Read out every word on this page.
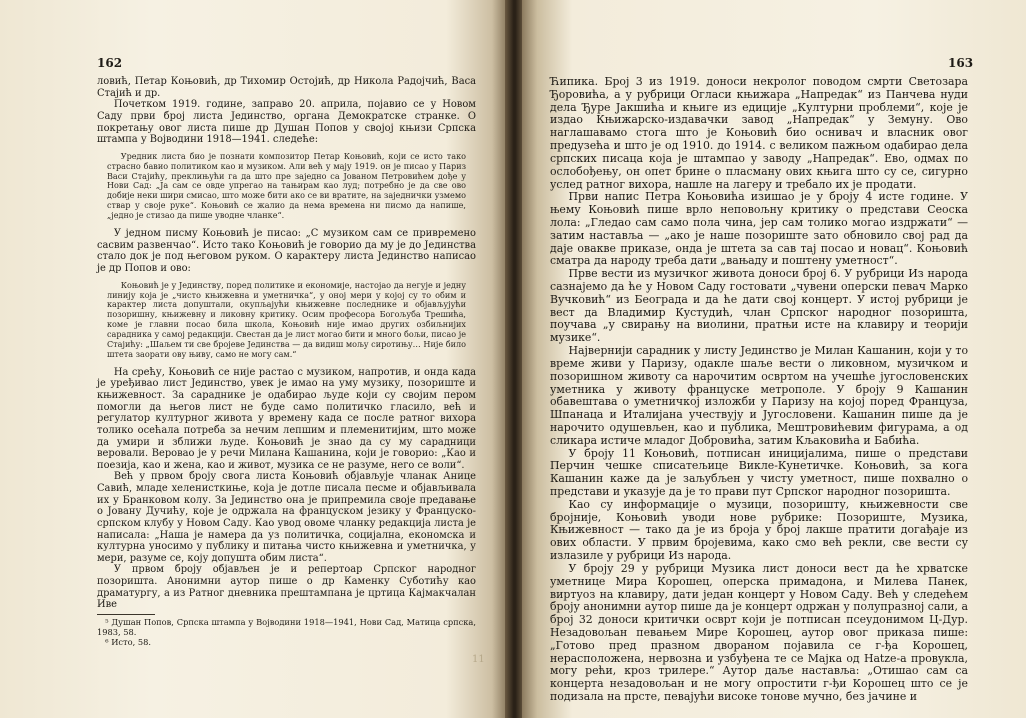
162

ловић, Петар Коњовић, др Тихомир Остојић, др Никола Радојчић, Васа Стајић и др.

Почетком 1919. године, заправо 20. априла, појавио се у Новом Саду први број листа Јединство, органа Демократске странке. О покретању овог листа пише др Душан Попов у својој књизи Српска штампа у Војводини 1918—1941. следеће:

Уредник листа био је познати композитор Петар Коњовић, који се исто тако страсно бавио политиком као и музиком. Али већ у мају 1919. он је писао у Париз Васи Стајићу, преклињући га да што пре заједно са Јованом Петровићем дође у Нови Сад: „Ја сам се овде упрегао на тањирам као луд; потребно је да све ово добије неки шири смисао, што може бити ако се ви вратите, на заједнички узмемо ствар у своје руке“. Коњовић се жалио да нема времена ни писмо да напише, „једно је стизао да пише уводне чланке“.

У једном писму Коњовић је писао: „С музиком сам се привремено сасвим развенчао“. Исто тако Коњовић је говорио да му је до Јединства стало док је под његовом руком. О карактеру листа Јединство написао је др Попов и ово:

Коњовић је у Јединству, поред политике и економије, настојао да негује и једну линију која је „чисто књижевна и уметничка“, у оној мери у којој су то обим и карактер листа допуштали, окупљајући књижевне последнике и објављујући позоришну, књижевну и ликовну критику. Осим професора Богољуба Трешића, коме је главни посао била школа, Коњовић није имао других озбиљнијих сарадника у самој редакцији. Свестан да је лист могао бити и много бољи, писао је Стајићу: „Шаљем ти све бројеве Јединства — да видиш мољу сиротињу… Није било штета заорати ову њиву, само не могу сам.“

На срећу, Коњовић се није растао с музиком, напротив, и онда када је уређивао лист Јединство, увек је имао на уму музику, позориште и књижевност. За сараднике је одабирао људе који су својим пером помогли да његов лист не буде само политичко гласило, већ и регулатор културног живота у времену када се после ратног вихора толико осећала потреба за нечим лепшим и племенитијим, што може да умири и зближи људе. Коњовић је знао да су му сарадници веровали. Веровао је у речи Милана Кашанина, који је говорио: „Као и поезија, као и жена, као и живот, музика се не разуме, него се воли“.

Већ у првом броју свога листа Коњовић објављује чланак Анице Савић, младе хеленисткиње, која је дотле писала песме и објављивала их у Бранковом колу. За Јединство она је припремила своје предавање о Јовану Дучићу, које је одржала на француском језику у Француско-српском клубу у Новом Саду. Као увод овоме чланку редакција листа је написала: „Наша је намера да уз политичка, социјална, економска и културна уносимо у публику и питања чисто књижевна и уметничка, у мери, разуме се, коју допушта обим листа“.

У првом броју објављен је и репертоар Српског народног позоришта. Анонимни аутор пише о др Каменку Суботићу као драматургу, а из Ратног дневника прештампана је цртица Кајмакчалан Иве

⁵ Душан Попов, Српска штампа у Војводини 1918—1941, Нови Сад, Матица српска, 1983, 58.

⁶ Исто, 58.

11
163

Ћипика. Број 3 из 1919. доноси некролог поводом смрти Светозара Ђоровића, а у рубрици Огласи књижара „Напредак“ из Панчева нуди дела Ђуре Јакшића и књиге из едиције „Културни проблеми“, које је издао Књижарско-издавачки завод „Напредак“ у Земуну. Ово наглашавамо стога што је Коњовић био оснивач и власник овог предузећа и што је од 1910. до 1914. с великом пажњом одабирао дела српских писаца која је штампао у заводу „Напредак“. Ево, одмах по ослобођењу, он опет брине о пласману ових књига што су се, сигурно услед ратног вихора, нашле на лагеру и требало их је продати.

Први напис Петра Коњовића изишао је у броју 4 исте године. У њему Коњовић пише врло неповољну критику о представи Сеоска лола: „Гледао сам само пола чина, јер сам толико могао издржати“ — затим наставља — „ако је наше позориште зато обновило свој рад да даје овакве приказе, онда је штета за сав тај посао и новац“. Коњовић сматра да народу треба дати „вањаду и поштену уметност“.

Прве вести из музичког живота доноси број 6. У рубрици Из народа сазнајемо да ће у Новом Саду гостовати „чувени оперски певач Марко Вучковић“ из Београда и да ће дати свој концерт. У истој рубрици је вест да Владимир Кустудић, члан Српског народног позоришта, поучава „у свирању на виолини, пратњи исте на клавиру и теорији музике“.

Највернији сарадник у листу Јединство је Милан Кашанин, који у то време живи у Паризу, одакле шаље вести о ликовном, музичком и позоришном животу са нарочитим освртом на учешће југословенских уметника у животу француске метрополе. У броју 9 Кашанин обавештава о уметничкој изложби у Паризу на којој поред Француза, Шпанаца и Италијана учествују и Југословени. Кашанин пише да је нарочито одушевљен, као и публика, Мештровићевим фигурама, а од сликара истиче младог Добровића, затим Кљаковића и Бабића.

У броју 11 Коњовић, потписан иницијалима, пише о представи Перчин чешке списатељице Викле-Кунетичке. Коњовић, за кога Кашанин каже да је заљубљен у чисту уметност, пише похвално о представи и указује да је то прави пут Српског народног позоришта.

Као су информације о музици, позоришту, књижевности све бројније, Коњовић уводи нове рубрике: Позориште, Музика, Књижевност — тако да је из броја у број лакше пратити догађаје из ових области. У првим бројевима, како смо већ рекли, све вести су излазиле у рубрици Из народа.

У броју 29 у рубрици Музика лист доноси вест да ће хрватске уметнице Мира Корошец, оперска примадона, и Милева Панек, виртуоз на клавиру, дати један концерт у Новом Саду. Већ у следећем броју анонимни аутор пише да је концерт одржан у полупразној сали, а број 32 доноси критички осврт који је потписан псеудонимом Ц-Дур. Незадовољан певањем Мире Корошец, аутор овог приказа пише: „Готово пред празном дворaном појавила се г-ђа Корошец, нерасположена, нервозна и узбуђена те се Мајка од Hatze-a провукла, могу рећи, крoз трилере.“ Аутор даље наставља: „Отишао сам са концерта незадовољан и не могу опростити г-ђи Корошец што се је подизала на прсте, певајући високе тонове мучно, без јачине и
